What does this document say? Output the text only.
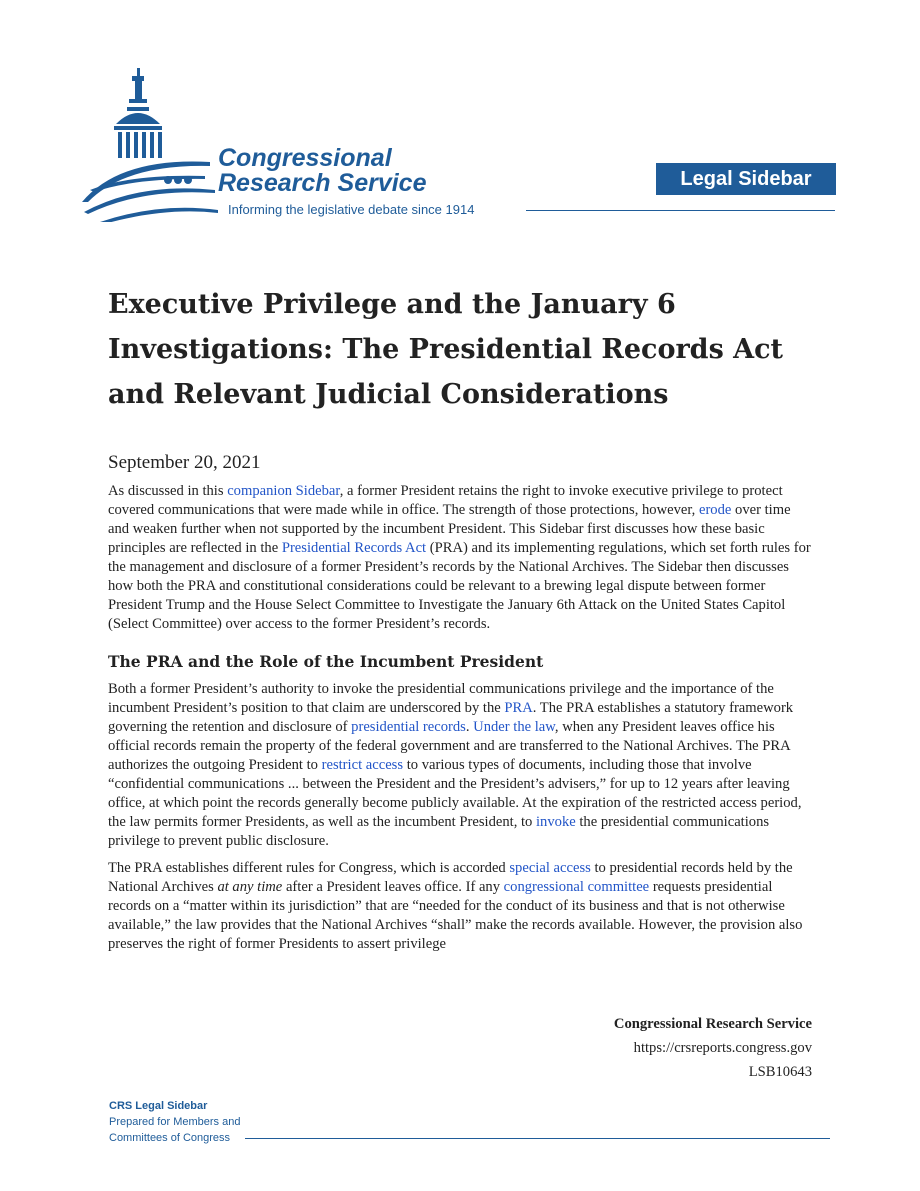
Congressional
Research Service
Informing the legislative debate since 1914
Legal Sidebar
Executive Privilege and the January 6 Investigations: The Presidential Records Act and Relevant Judicial Considerations
September 20, 2021

As discussed in this companion Sidebar, a former President retains the right to invoke executive privilege to protect covered communications that were made while in office. The strength of those protections, however, erode over time and weaken further when not supported by the incumbent President. This Sidebar first discusses how these basic principles are reflected in the Presidential Records Act (PRA) and its implementing regulations, which set forth rules for the management and disclosure of a former President’s records by the National Archives. The Sidebar then discusses how both the PRA and constitutional considerations could be relevant to a brewing legal dispute between former President Trump and the House Select Committee to Investigate the January 6th Attack on the United States Capitol (Select Committee) over access to the former President’s records.

The PRA and the Role of the Incumbent President

Both a former President’s authority to invoke the presidential communications privilege and the importance of the incumbent President’s position to that claim are underscored by the PRA. The PRA establishes a statutory framework governing the retention and disclosure of presidential records. Under the law, when any President leaves office his official records remain the property of the federal government and are transferred to the National Archives. The PRA authorizes the outgoing President to restrict access to various types of documents, including those that involve “confidential communications ... between the President and the President’s advisers,” for up to 12 years after leaving office, at which point the records generally become publicly available. At the expiration of the restricted access period, the law permits former Presidents, as well as the incumbent President, to invoke the presidential communications privilege to prevent public disclosure.

The PRA establishes different rules for Congress, which is accorded special access to presidential records held by the National Archives at any time after a President leaves office. If any congressional committee requests presidential records on a “matter within its jurisdiction” that are “needed for the conduct of its business and that is not otherwise available,” the law provides that the National Archives “shall” make the records available. However, the provision also preserves the right of former Presidents to assert privilege

Congressional Research Service
https://crsreports.congress.gov
LSB10643
CRS Legal Sidebar
Prepared for Members and
Committees of Congress
